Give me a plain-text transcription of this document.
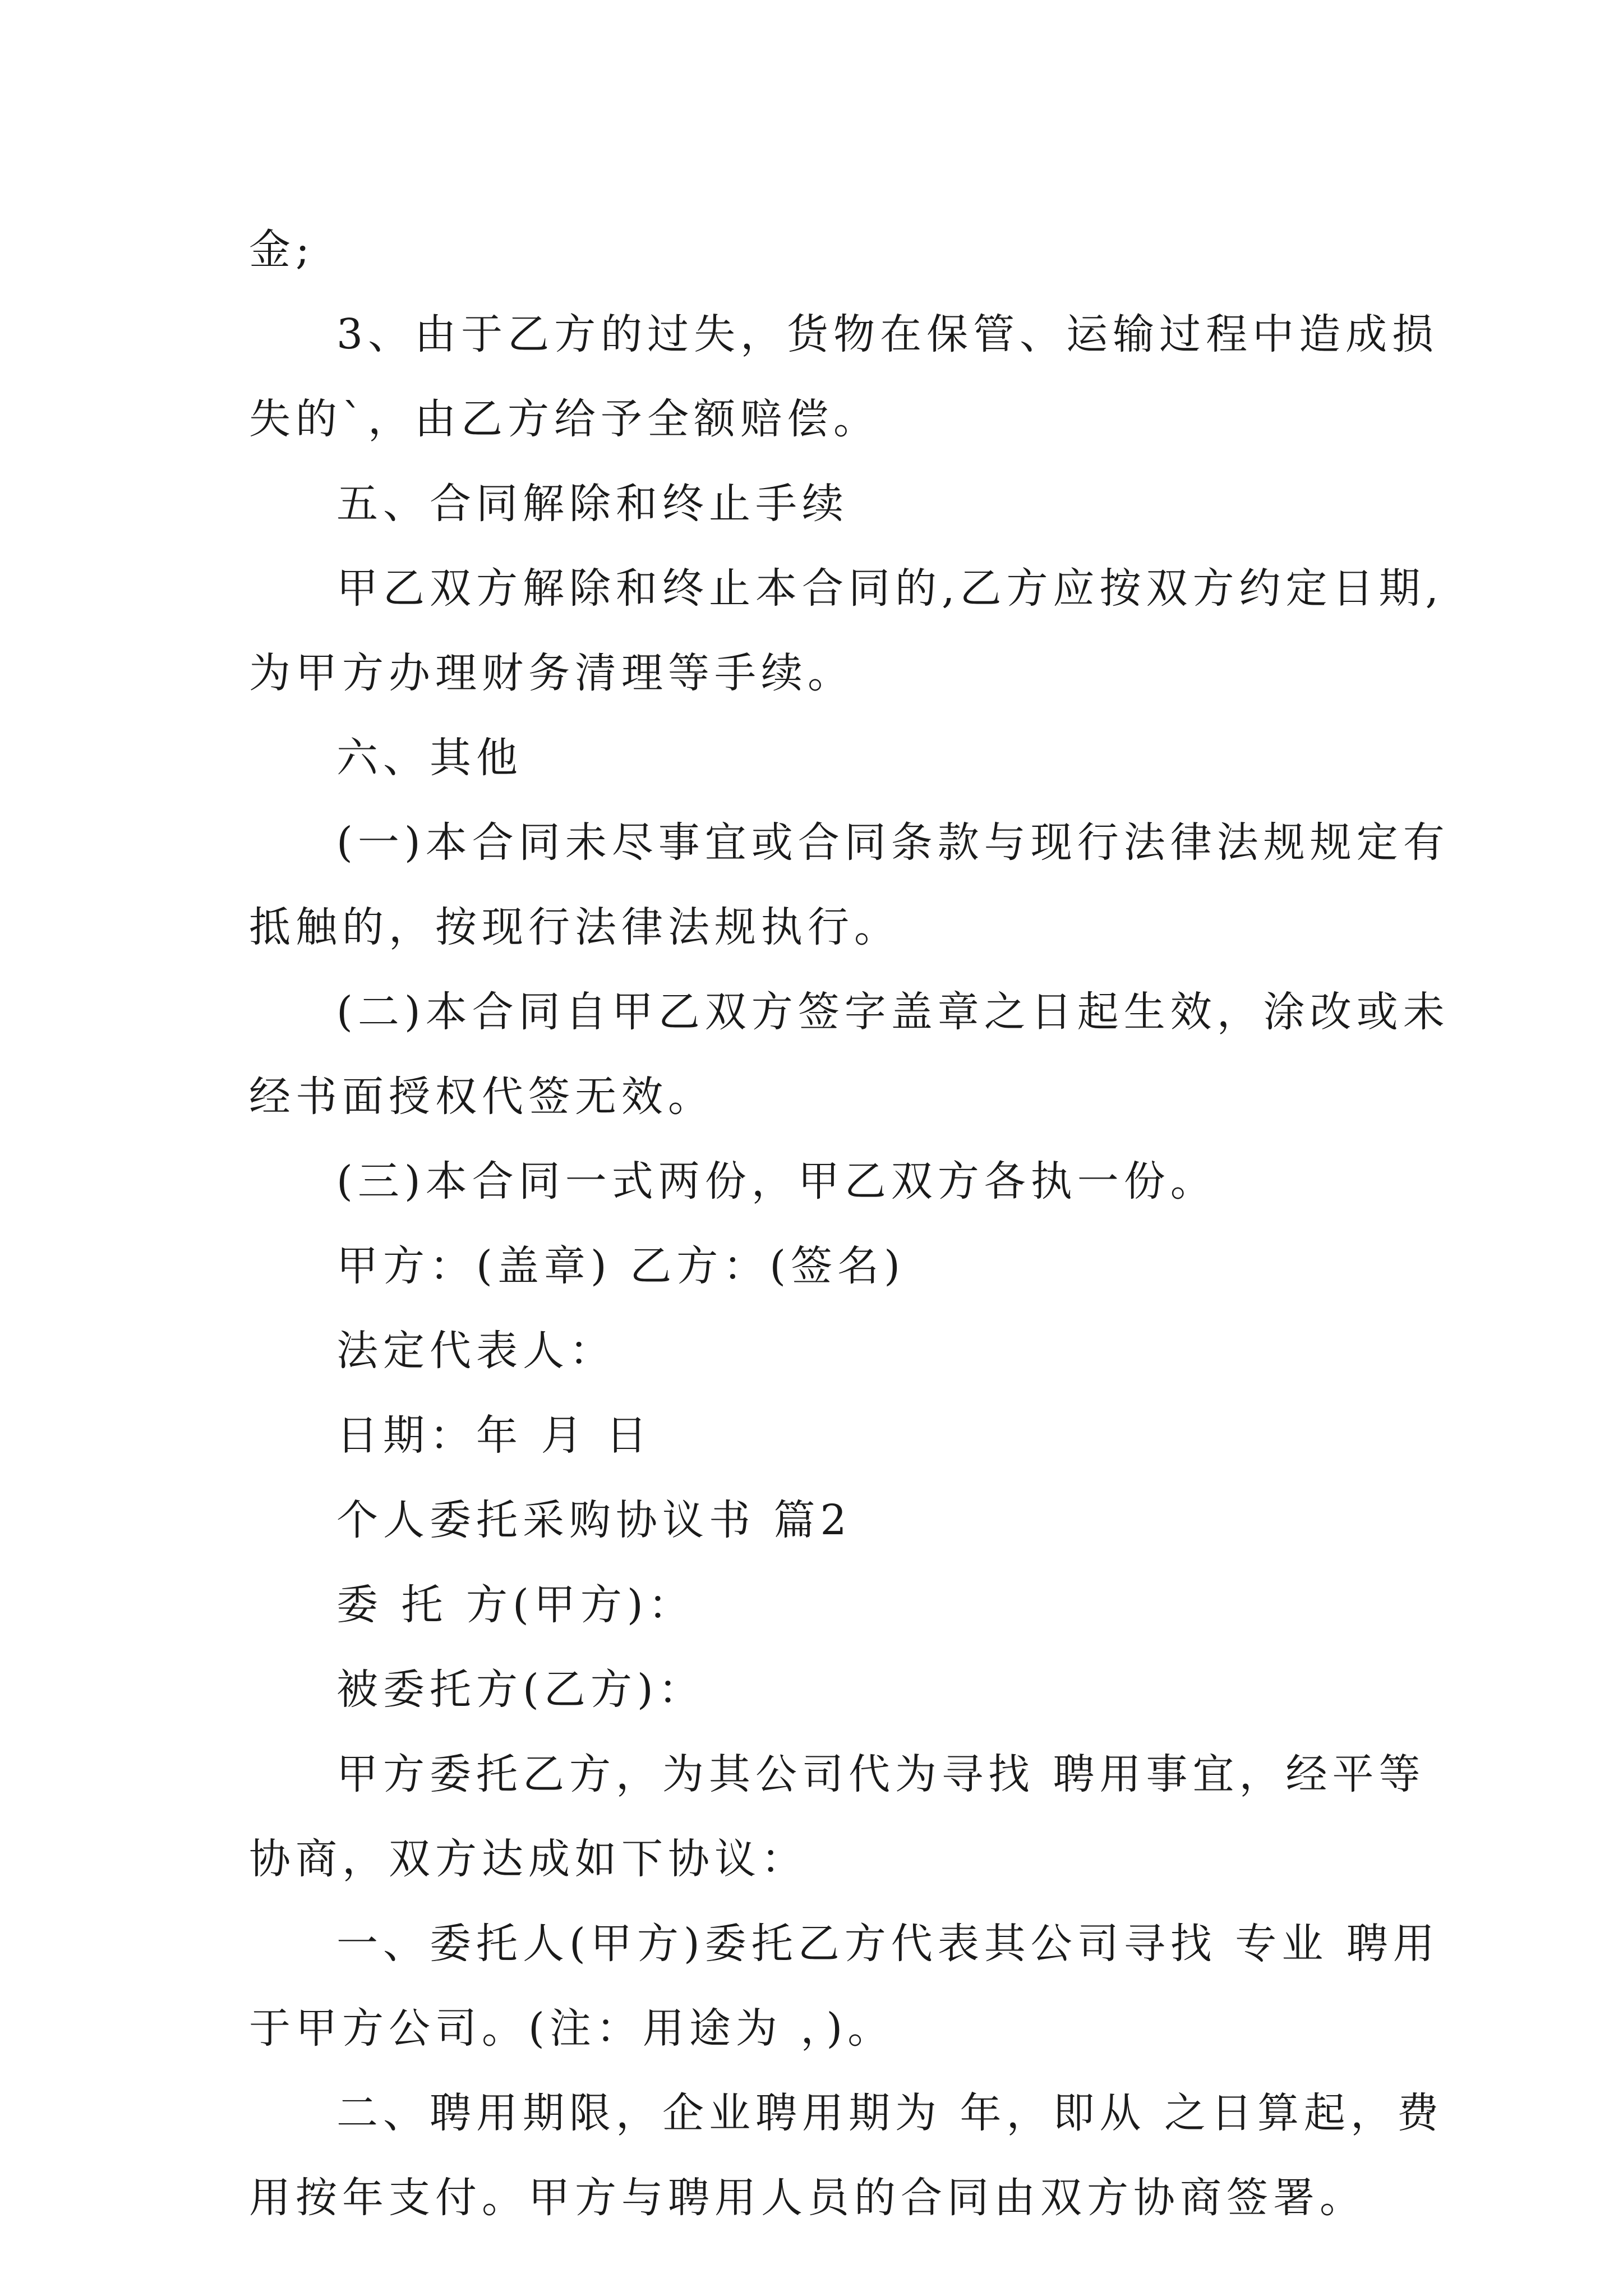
金;
3、由于乙方的过失，货物在保管、运输过程中造成损
失的`，由乙方给予全额赔偿。
五、合同解除和终止手续
甲乙双方解除和终止本合同的,乙方应按双方约定日期,
为甲方办理财务清理等手续。
六、其他
(一)本合同未尽事宜或合同条款与现行法律法规规定有
抵触的，按现行法律法规执行。
(二)本合同自甲乙双方签字盖章之日起生效，涂改或未
经书面授权代签无效。
(三)本合同一式两份，甲乙双方各执一份。
甲方：(盖章) 乙方：(签名)
法定代表人：
日期：年 月 日
个人委托采购协议书 篇2
委 托 方(甲方)：
被委托方(乙方)：
甲方委托乙方，为其公司代为寻找 聘用事宜，经平等
协商，双方达成如下协议：
一、委托人(甲方)委托乙方代表其公司寻找 专业 聘用
于甲方公司。(注：用途为 ，)。
二、聘用期限，企业聘用期为 年，即从 之日算起，费
用按年支付。甲方与聘用人员的合同由双方协商签署。
